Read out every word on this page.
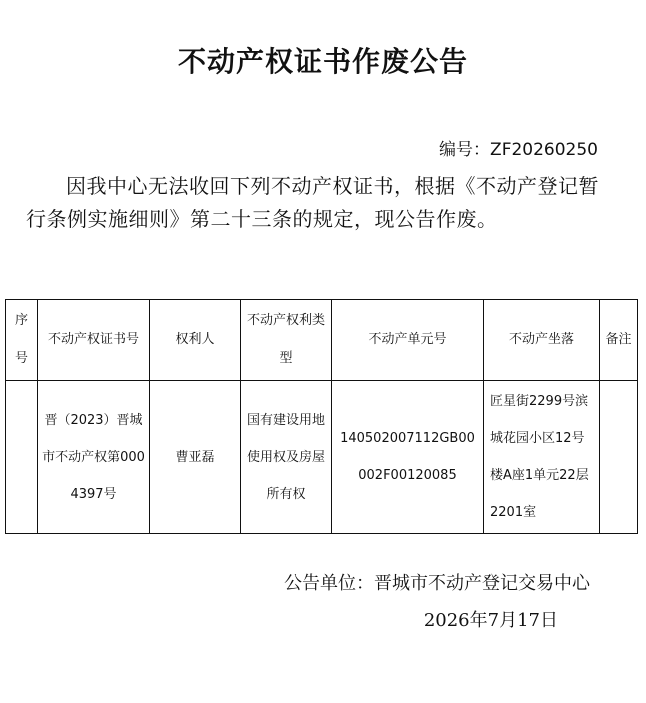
不动产权证书作废公告
编号：ZF20260250
因我中心无法收回下列不动产权证书，根据《不动产登记暂行条例实施细则》第二十三条的规定，现公告作废。
序号	不动产权证书号	权利人	不动产权利类型	不动产单元号	不动产坐落	备注
	晋（2023）晋城市不动产权第0004397号	曹亚磊	国有建设用地使用权及房屋所有权	140502007112GB00002F00120085	匠星街2299号滨城花园小区12号楼A座1单元22层2201室	
公告单位：晋城市不动产登记交易中心
2026年7月17日
